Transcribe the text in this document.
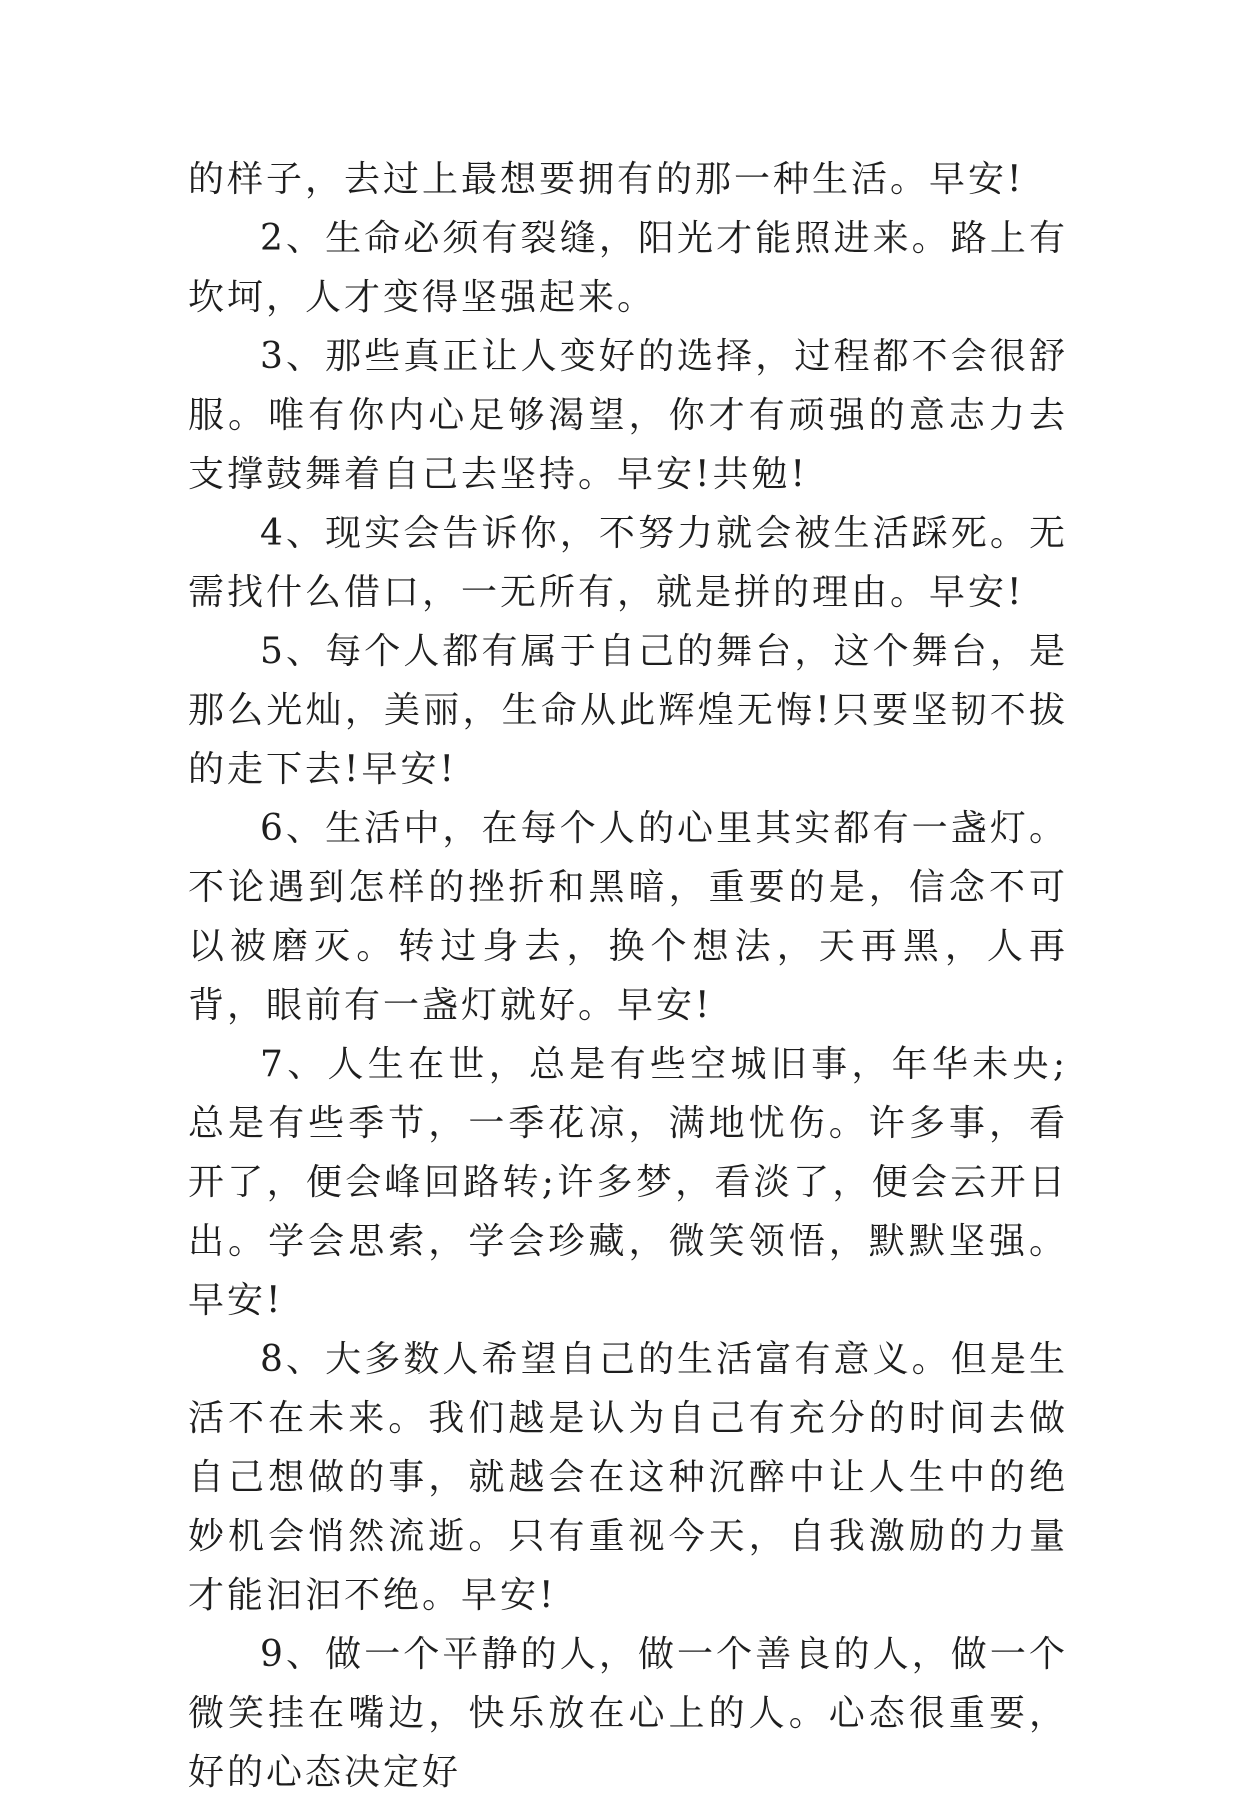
的样子，去过上最想要拥有的那一种生活。早安!

2、生命必须有裂缝，阳光才能照进来。路上有坎坷，人才变得坚强起来。

3、那些真正让人变好的选择，过程都不会很舒服。唯有你内心足够渴望，你才有顽强的意志力去支撑鼓舞着自己去坚持。早安!共勉!

4、现实会告诉你，不努力就会被生活踩死。无需找什么借口，一无所有，就是拼的理由。早安!

5、每个人都有属于自己的舞台，这个舞台，是那么光灿，美丽，生命从此辉煌无悔!只要坚韧不拔的走下去!早安!

6、生活中，在每个人的心里其实都有一盏灯。不论遇到怎样的挫折和黑暗，重要的是，信念不可以被磨灭。转过身去，换个想法，天再黑，人再背，眼前有一盏灯就好。早安!

7、人生在世，总是有些空城旧事，年华未央;总是有些季节，一季花凉，满地忧伤。许多事，看开了，便会峰回路转;许多梦，看淡了，便会云开日出。学会思索，学会珍藏，微笑领悟，默默坚强。早安!

8、大多数人希望自己的生活富有意义。但是生活不在未来。我们越是认为自己有充分的时间去做自己想做的事，就越会在这种沉醉中让人生中的绝妙机会悄然流逝。只有重视今天，自我激励的力量才能汩汩不绝。早安!

9、做一个平静的人，做一个善良的人，做一个微笑挂在嘴边，快乐放在心上的人。心态很重要，好的心态决定好
